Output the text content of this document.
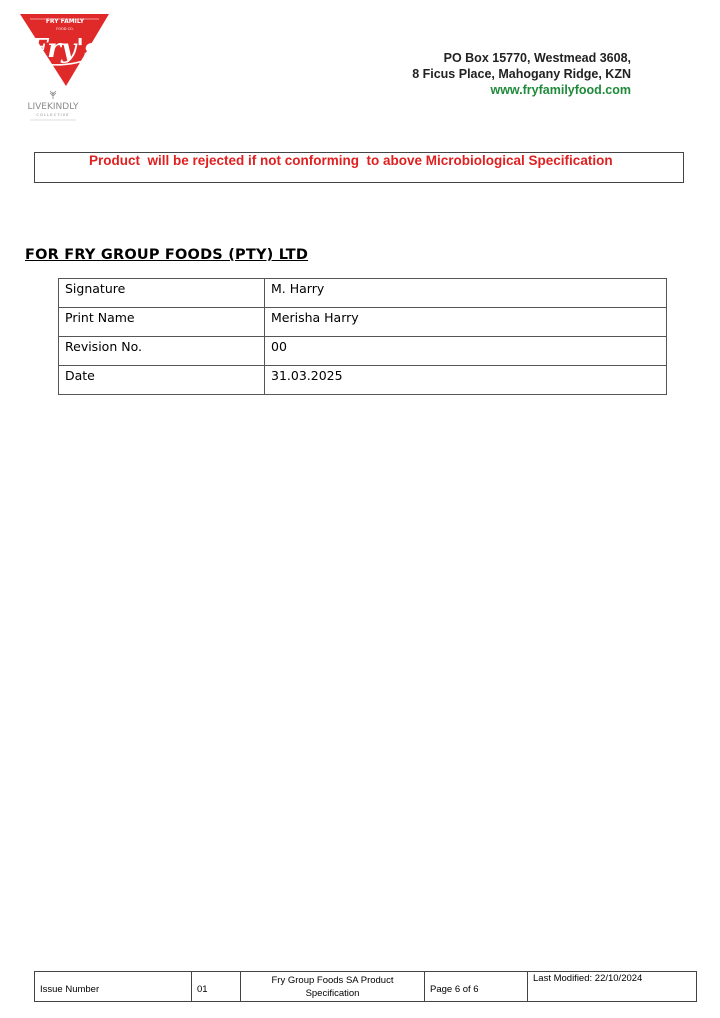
FRY FAMILY
FOOD CO.
Fry's
LIVEKINDLY
COLLECTIVE
PO Box 15770, Westmead 3608,
8 Ficus Place, Mahogany Ridge, KZN
www.fryfamilyfood.com
Product  will be rejected if not conforming  to above Microbiological Specification
FOR FRY GROUP FOODS (PTY) LTD
Signature	M. Harry
Print Name	Merisha Harry
Revision No.	00
Date	31.03.2025
Issue Number	01	
Fry Group Foods SA Product
Specification	Page 6 of 6	Last Modified: 22/10/2024
